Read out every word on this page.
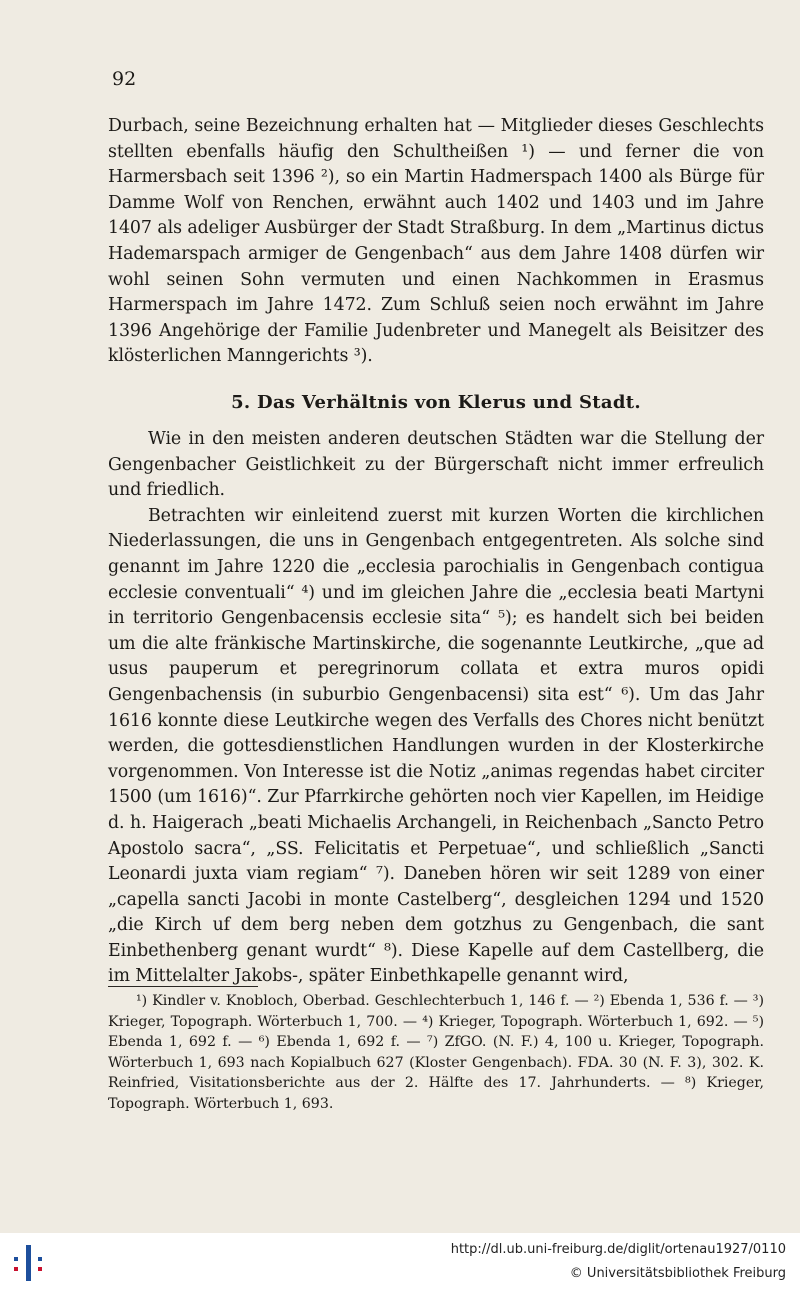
92

Durbach, seine Bezeichnung erhalten hat — Mitglieder dieses Geschlechts stellten ebenfalls häufig den Schultheißen ¹) — und ferner die von Harmersbach seit 1396 ²), so ein Martin Hadmerspach 1400 als Bürge für Damme Wolf von Renchen, erwähnt auch 1402 und 1403 und im Jahre 1407 als adeliger Ausbürger der Stadt Straßburg. In dem „Martinus dictus Hademarspach armiger de Gengenbach“ aus dem Jahre 1408 dürfen wir wohl seinen Sohn vermuten und einen Nachkommen in Erasmus Harmerspach im Jahre 1472. Zum Schluß seien noch erwähnt im Jahre 1396 Angehörige der Familie Judenbreter und Manegelt als Beisitzer des klösterlichen Manngerichts ³).

5. Das Verhältnis von Klerus und Stadt.

Wie in den meisten anderen deutschen Städten war die Stellung der Gengenbacher Geistlichkeit zu der Bürgerschaft nicht immer erfreulich und friedlich.

Betrachten wir einleitend zuerst mit kurzen Worten die kirchlichen Niederlassungen, die uns in Gengenbach entgegentreten. Als solche sind genannt im Jahre 1220 die „ecclesia parochialis in Gengenbach contigua ecclesie conventuali“ ⁴) und im gleichen Jahre die „ecclesia beati Martyni in territorio Gengenbacensis ecclesie sita“ ⁵); es handelt sich bei beiden um die alte fränkische Martinskirche, die sogenannte Leutkirche, „que ad usus pauperum et peregrinorum collata et extra muros opidi Gengenbachensis (in suburbio Gengenbacensi) sita est“ ⁶). Um das Jahr 1616 konnte diese Leutkirche wegen des Verfalls des Chores nicht benützt werden, die gottesdienstlichen Handlungen wurden in der Klosterkirche vorgenommen. Von Interesse ist die Notiz „animas regendas habet circiter 1500 (um 1616)“. Zur Pfarrkirche gehörten noch vier Kapellen, im Heidige d. h. Haigerach „beati Michaelis Archangeli, in Reichenbach „Sancto Petro Apostolo sacra“, „SS. Felicitatis et Perpetuae“, und schließlich „Sancti Leonardi juxta viam regiam“ ⁷). Daneben hören wir seit 1289 von einer „capella sancti Jacobi in monte Castelberg“, desgleichen 1294 und 1520 „die Kirch uf dem berg neben dem gotzhus zu Gengenbach, die sant Einbethenberg genant wurdt“ ⁸). Diese Kapelle auf dem Castellberg, die im Mittelalter Jakobs-, später Einbethkapelle genannt wird,

¹) Kindler v. Knobloch, Oberbad. Geschlechterbuch 1, 146 f. — ²) Ebenda 1, 536 f. — ³) Krieger, Topograph. Wörterbuch 1, 700. — ⁴) Krieger, Topograph. Wörterbuch 1, 692. — ⁵) Ebenda 1, 692 f. — ⁶) Ebenda 1, 692 f. — ⁷) ZfGO. (N. F.) 4, 100 u. Krieger, Topograph. Wörterbuch 1, 693 nach Kopialbuch 627 (Kloster Gengenbach). FDA. 30 (N. F. 3), 302. K. Reinfried, Visitationsberichte aus der 2. Hälfte des 17. Jahrhunderts. — ⁸) Krieger, Topograph. Wörterbuch 1, 693.

http://dl.ub.uni-freiburg.de/diglit/ortenau1927/0110
© Universitätsbibliothek Freiburg
